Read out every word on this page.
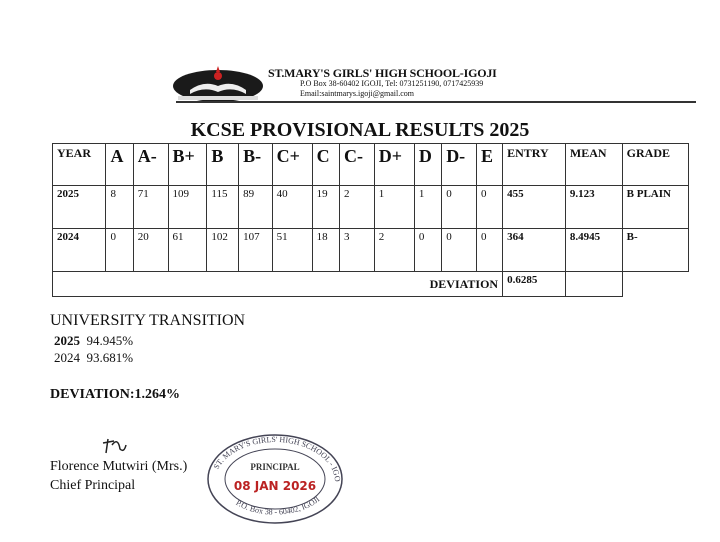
ST.MARY'S GIRLS' HIGH SCHOOL-IGOJI
P.O Box 38-60402 IGOJI, Tel: 0731251190, 0717425939
Email:saintmarys.igoji@gmail.com
KCSE PROVISIONAL RESULTS 2025
YEAR	A	A-	B+	B	B-	C+	C	C-	D+	D	D-	E	ENTRY	MEAN	GRADE
2025	8	71	109	115	89	40	19	2	1	1	0	0	455	9.123	B PLAIN
2024	0	20	61	102	107	51	18	3	2	0	0	0	364	8.4945	B-
DEVIATION													0.6285		
UNIVERSITY TRANSITION
2025 94.945%
2024 93.681%
DEVIATION:1.264%
Florence Mutwiri (Mrs.)
Chief Principal
ST. MARY'S GIRLS' HIGH SCHOOL - IGO
P.O. Box 38 - 60402, IGOJI
PRINCIPAL
08 JAN 2026
